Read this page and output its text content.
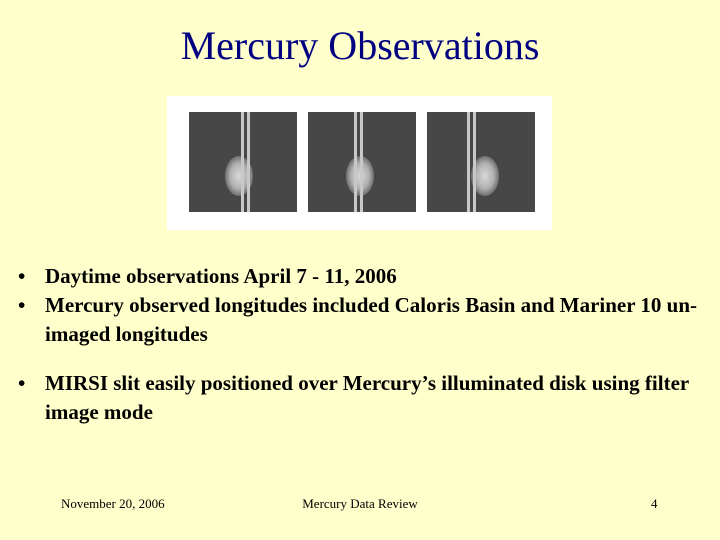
Mercury Observations
• Daytime observations April 7 - 11, 2006
• Mercury observed longitudes included Caloris Basin and Mariner 10 un-imaged longitudes
• MIRSI slit easily positioned over Mercury’s illuminated disk using filter image mode
November 20, 2006	Mercury Data Review	4
